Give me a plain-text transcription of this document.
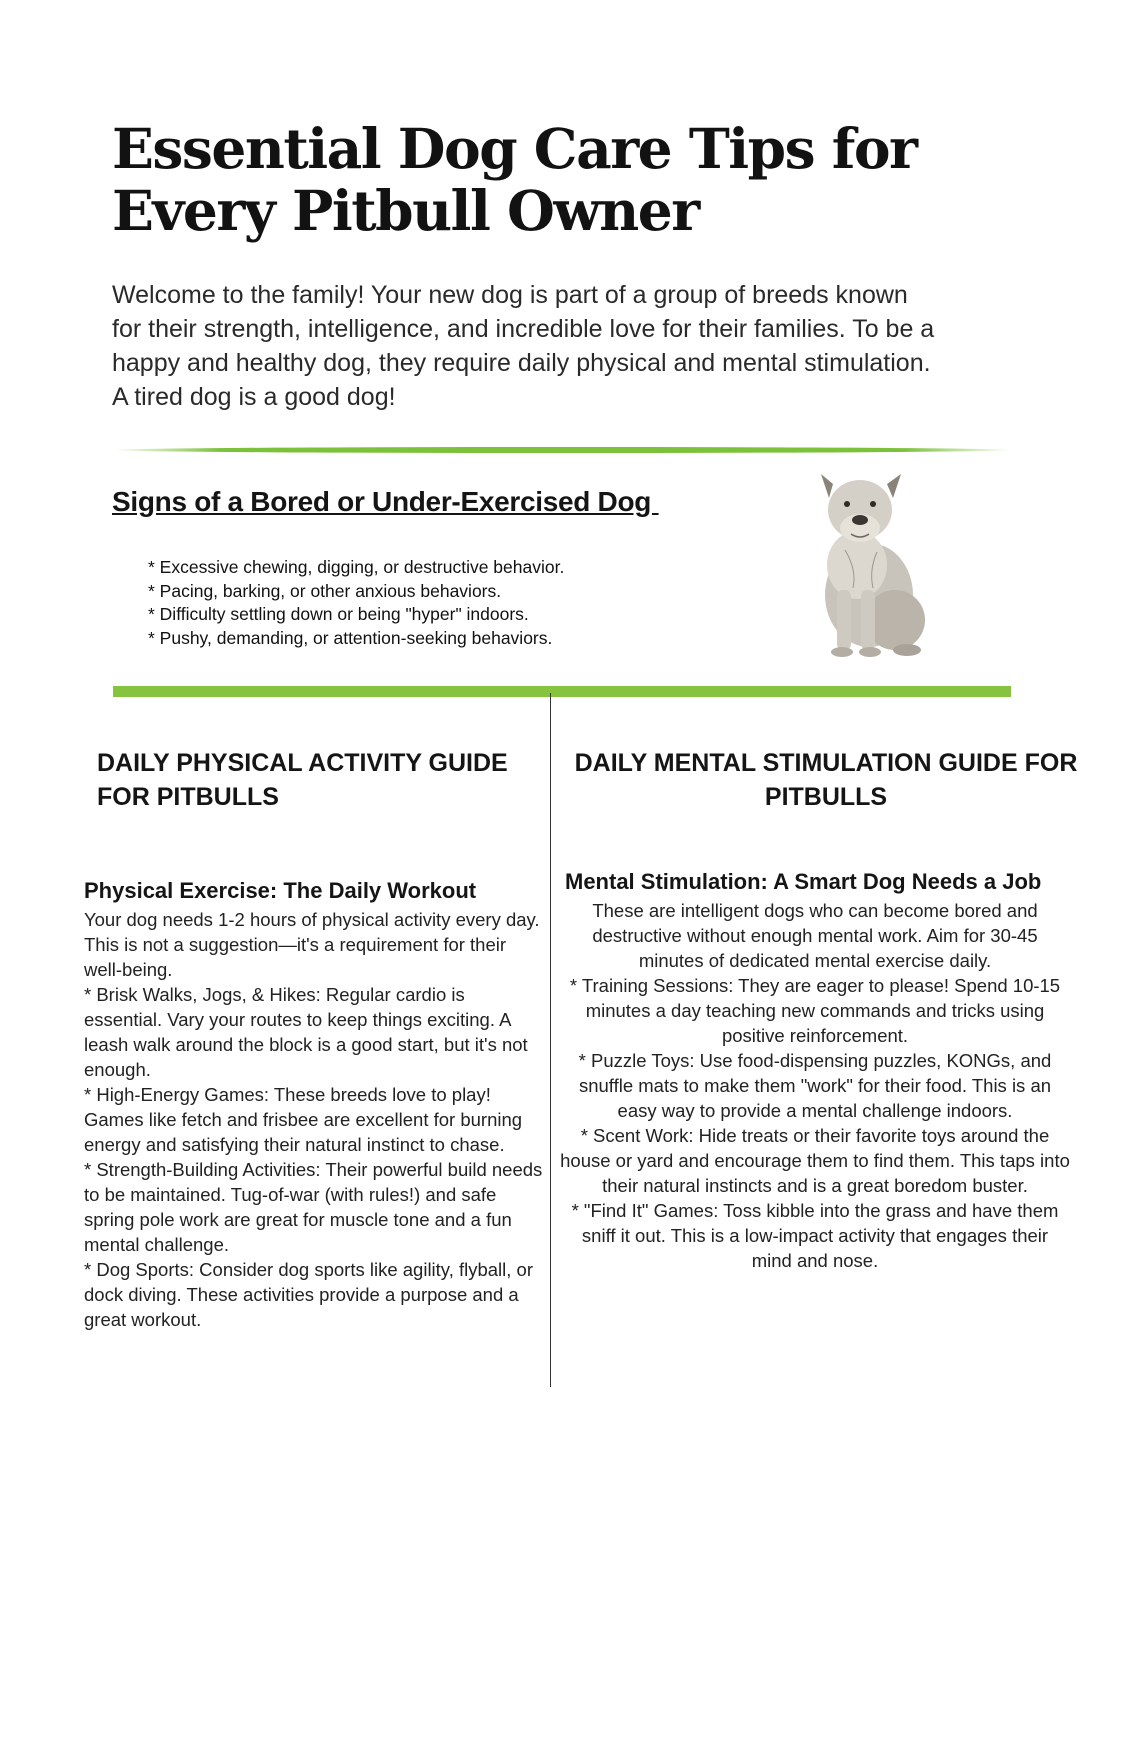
Essential Dog Care Tips for
Every Pitbull Owner

Welcome to the family! Your new dog is part of a group of breeds known for their strength, intelligence, and incredible love for their families. To be a happy and healthy dog, they require daily physical and mental stimulation. A tired dog is a good dog!

Signs of a Bored or Under-Exercised Dog
* Excessive chewing, digging, or destructive behavior.
* Pacing, barking, or other anxious behaviors.
* Difficulty settling down or being "hyper" indoors.
* Pushy, demanding, or attention-seeking behaviors.
DAILY PHYSICAL ACTIVITY GUIDE FOR PITBULLS
DAILY MENTAL STIMULATION GUIDE FOR PITBULLS
Physical Exercise: The Daily Workout	Mental Stimulation: A Smart Dog Needs a Job

Your dog needs 1-2 hours of physical activity every day. This is not a suggestion—it's a requirement for their well-being.

* Brisk Walks, Jogs, & Hikes: Regular cardio is essential. Vary your routes to keep things exciting. A leash walk around the block is a good start, but it's not enough.

* High-Energy Games: These breeds love to play! Games like fetch and frisbee are excellent for burning energy and satisfying their natural instinct to chase.

* Strength-Building Activities: Their powerful build needs to be maintained. Tug-of-war (with rules!) and safe spring pole work are great for muscle tone and a fun mental challenge.

* Dog Sports: Consider dog sports like agility, flyball, or dock diving. These activities provide a purpose and a great workout.

These are intelligent dogs who can become bored and destructive without enough mental work. Aim for 30-45 minutes of dedicated mental exercise daily.

* Training Sessions: They are eager to please! Spend 10-15 minutes a day teaching new commands and tricks using positive reinforcement.

* Puzzle Toys: Use food-dispensing puzzles, KONGs, and snuffle mats to make them "work" for their food. This is an easy way to provide a mental challenge indoors.

* Scent Work: Hide treats or their favorite toys around the house or yard and encourage them to find them. This taps into their natural instincts and is a great boredom buster.

* "Find It" Games: Toss kibble into the grass and have them sniff it out. This is a low-impact activity that engages their mind and nose.
